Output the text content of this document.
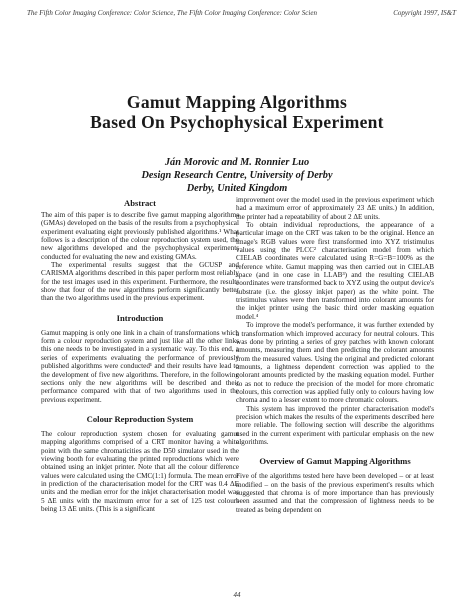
The Fifth Color Imaging Conference: Color Science, The Fifth Color Imaging Conference: Color Scien	Copyright 1997, IS&T
Gamut Mapping Algorithms
Based On Psychophysical Experiment
Ján Morovic and M. Ronnier Luo
Design Research Centre, University of Derby
Derby, United Kingdom
Abstract

The aim of this paper is to describe five gamut mapping algorithms (GMAs) developed on the basis of the results from a psychophysical experiment evaluating eight previously published algorithms.¹ What follows is a description of the colour reproduction system used, the new algorithms developed and the psychophysical experiments conducted for evaluating the new and existing GMAs.

The experimental results suggest that the GCUSP and CARISMA algorithms described in this paper perform most reliably for the test images used in this experiment. Furthermore, the results show that four of the new algorithms perform significantly better than the two algorithms used in the previous experiment.

Introduction

Gamut mapping is only one link in a chain of transformations which form a colour reproduction system and just like all the other links this one needs to be investigated in a systematic way. To this end, a series of experiments evaluating the performance of previously published algorithms were conducted¹ and their results have lead to the development of five new algorithms. Therefore, in the following sections only the new algorithms will be described and their performance compared with that of two algorithms used in the previous experiment.

Colour Reproduction System

The colour reproduction system chosen for evaluating gamut mapping algorithms comprised of a CRT monitor having a white point with the same chromaticities as the D50 simulator used in the viewing booth for evaluating the printed reproductions which were obtained using an inkjet printer. Note that all the colour difference values were calculated using the CMC(1:1) formula. The mean error in prediction of the characterisation model for the CRT was 0.4 ΔE units and the median error for the inkjet characterisation model was 5 ΔE units with the maximum error for a set of 125 test colours being 13 ΔE units. (This is a significant

improvement over the model used in the previous experiment which had a maximum error of approximately 23 ΔE units.) In addition, the printer had a repeatability of about 2 ΔE units.

To obtain individual reproductions, the appearance of a particular image on the CRT was taken to be the original. Hence an image's RGB values were first transformed into XYZ tristimulus values using the PLCC² characterisation model from which CIELAB coordinates were calculated using R=G=B=100% as the reference white. Gamut mapping was then carried out in CIELAB space (and in one case in LLAB³) and the resulting CIELAB coordinates were transformed back to XYZ using the output device's substrate (i.e. the glossy inkjet paper) as the white point. The tristimulus values were then transformed into colorant amounts for the inkjet printer using the basic third order masking equation model.⁴

To improve the model's performance, it was further extended by a transformation which improved accuracy for neutral colours. This was done by printing a series of grey patches with known colorant amounts, measuring them and then predicting the colorant amounts from the measured values. Using the original and predicted colorant amounts, a lightness dependent correction was applied to the colorant amounts predicted by the masking equation model. Further so as not to reduce the precision of the model for more chromatic colours, this correction was applied fully only to colours having low chroma and to a lesser extent to more chromatic colours.

This system has improved the printer characterisation model's precision which makes the results of the experiments described here more reliable. The following section will describe the algorithms used in the current experiment with particular emphasis on the new algorithms.

Overview of Gamut Mapping Algorithms

Five of the algorithms tested here have been developed – or at least modified – on the basis of the previous experiment's results which suggested that chroma is of more importance than has previously been assumed and that the compression of lightness needs to be treated as being dependent on

44
